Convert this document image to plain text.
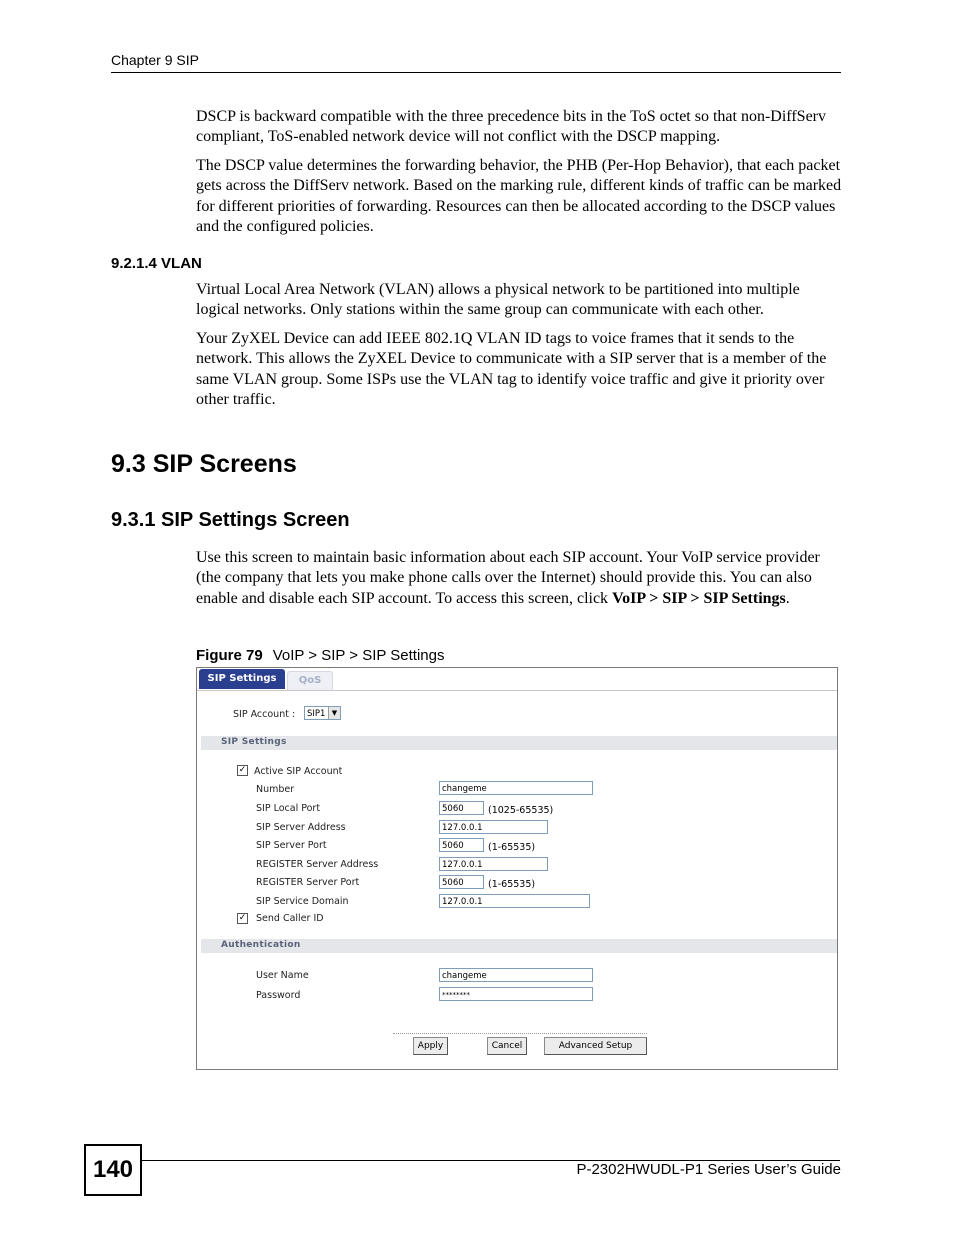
Chapter 9 SIP
DSCP is backward compatible with the three precedence bits in the ToS octet so that non-DiffServ compliant, ToS-enabled network device will not conflict with the DSCP mapping.
The DSCP value determines the forwarding behavior, the PHB (Per-Hop Behavior), that each packet gets across the DiffServ network. Based on the marking rule, different kinds of traffic can be marked for different priorities of forwarding. Resources can then be allocated according to the DSCP values and the configured policies.
9.2.1.4 VLAN
Virtual Local Area Network (VLAN) allows a physical network to be partitioned into multiple logical networks. Only stations within the same group can communicate with each other.
Your ZyXEL Device can add IEEE 802.1Q VLAN ID tags to voice frames that it sends to the network. This allows the ZyXEL Device to communicate with a SIP server that is a member of the same VLAN group. Some ISPs use the VLAN tag to identify voice traffic and give it priority over other traffic.
9.3 SIP Screens
9.3.1 SIP Settings Screen
Use this screen to maintain basic information about each SIP account. Your VoIP service provider (the company that lets you make phone calls over the Internet) should provide this. You can also enable and disable each SIP account. To access this screen, click VoIP > SIP > SIP Settings.
Figure 79 VoIP > SIP > SIP Settings
SIP Settings	QoS
SIP Account :	SIP1 ▼
SIP Settings
✓ Active SIP Account
Number	changeme
SIP Local Port	5060	(1025-65535)
SIP Server Address	127.0.0.1
SIP Server Port	5060	(1-65535)
REGISTER Server Address	127.0.0.1
REGISTER Server Port	5060	(1-65535)
SIP Service Domain	127.0.0.1
✓ Send Caller ID
Authentication
User Name	changeme
Password	********
Apply	Cancel	Advanced Setup
140	P-2302HWUDL-P1 Series User’s Guide
